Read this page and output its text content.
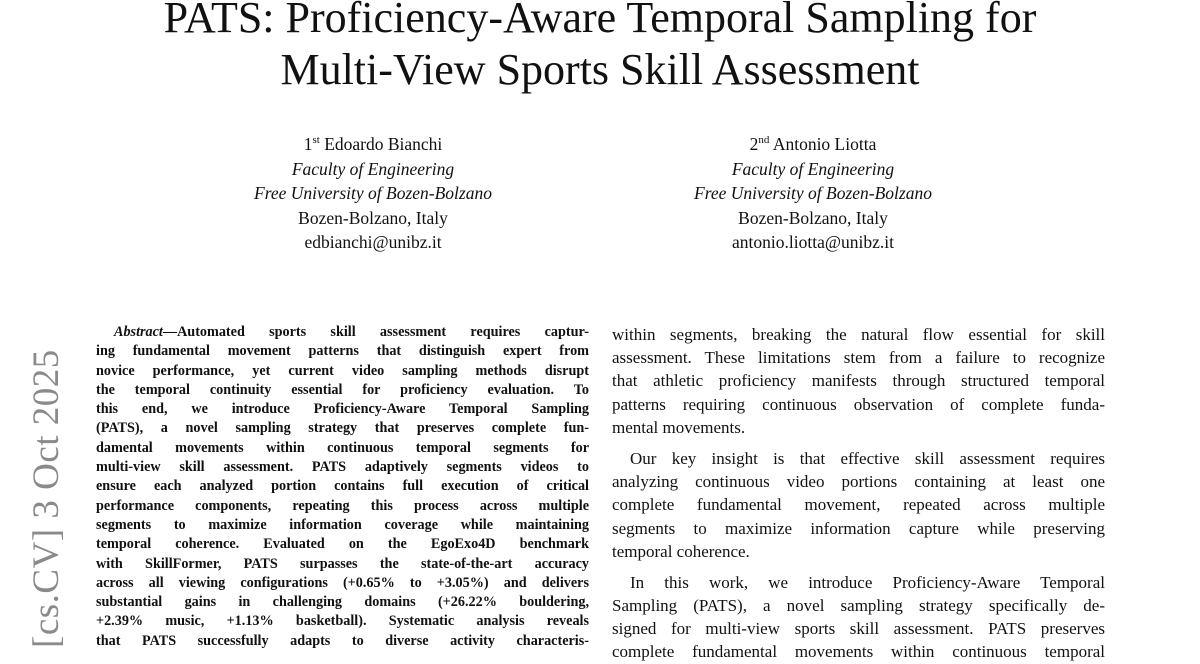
PATS: Proficiency-Aware Temporal Sampling for
Multi-View Sports Skill Assessment
1st Edoardo Bianchi
Faculty of Engineering
Free University of Bozen-Bolzano
Bozen-Bolzano, Italy
edbianchi@unibz.it
2nd Antonio Liotta
Faculty of Engineering
Free University of Bozen-Bolzano
Bozen-Bolzano, Italy
antonio.liotta@unibz.it
[cs.CV] 3 Oct 2025
Abstract—Automated sports skill assessment requires captur-
ing fundamental movement patterns that distinguish expert from
novice performance, yet current video sampling methods disrupt
the temporal continuity essential for proficiency evaluation. To
this end, we introduce Proficiency-Aware Temporal Sampling
(PATS), a novel sampling strategy that preserves complete fun-
damental movements within continuous temporal segments for
multi-view skill assessment. PATS adaptively segments videos to
ensure each analyzed portion contains full execution of critical
performance components, repeating this process across multiple
segments to maximize information coverage while maintaining
temporal coherence. Evaluated on the EgoExo4D benchmark
with SkillFormer, PATS surpasses the state-of-the-art accuracy
across all viewing configurations (+0.65% to +3.05%) and delivers
substantial gains in challenging domains (+26.22% bouldering,
+2.39% music, +1.13% basketball). Systematic analysis reveals
that PATS successfully adapts to diverse activity characteris-
within segments, breaking the natural flow essential for skill
assessment. These limitations stem from a failure to recognize
that athletic proficiency manifests through structured temporal
patterns requiring continuous observation of complete funda-
mental movements.
Our key insight is that effective skill assessment requires
analyzing continuous video portions containing at least one
complete fundamental movement, repeated across multiple
segments to maximize information capture while preserving
temporal coherence.
In this work, we introduce Proficiency-Aware Temporal
Sampling (PATS), a novel sampling strategy specifically de-
signed for multi-view sports skill assessment. PATS preserves
complete fundamental movements within continuous temporal
